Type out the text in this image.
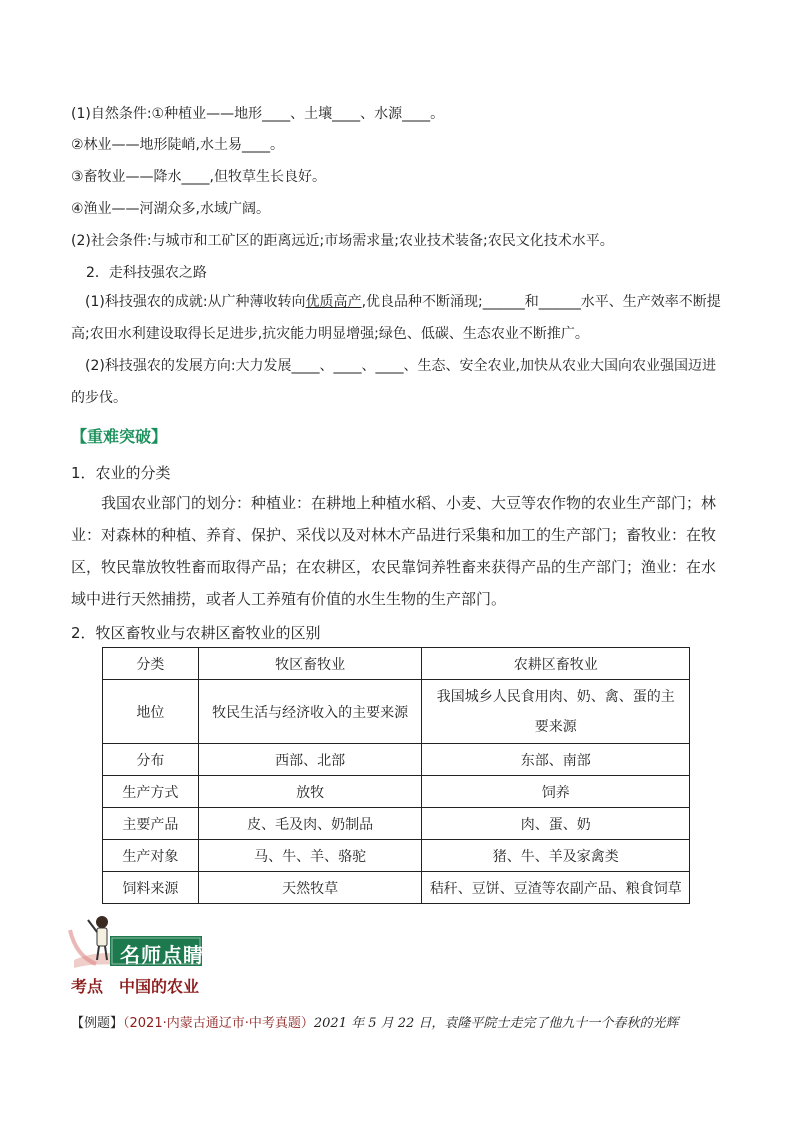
(1)自然条件:①种植业——地形____、土壤____、水源____。
②林业——地形陡峭,水土易____。
③畜牧业——降水____,但牧草生长良好。
④渔业——河湖众多,水域广阔。
(2)社会条件:与城市和工矿区的距离远近;市场需求量;农业技术装备;农民文化技术水平。
2．走科技强农之路
(1)科技强农的成就:从广种薄收转向优质高产,优良品种不断涌现;______和______水平、生产效率不断提高;农田水利建设取得长足进步,抗灾能力明显增强;绿色、低碳、生态农业不断推广。
(2)科技强农的发展方向:大力发展____、____、____、生态、安全农业,加快从农业大国向农业强国迈进的步伐。
【重难突破】
1．农业的分类
我国农业部门的划分：种植业：在耕地上种植水稻、小麦、大豆等农作物的农业生产部门；林业：对森林的种植、养育、保护、采伐以及对林木产品进行采集和加工的生产部门；畜牧业：在牧区，牧民靠放牧牲畜而取得产品；在农耕区，农民靠饲养牲畜来获得产品的生产部门；渔业：在水域中进行天然捕捞，或者人工养殖有价值的水生生物的生产部门。
2．牧区畜牧业与农耕区畜牧业的区别
分类	牧区畜牧业	农耕区畜牧业
地位	牧民生活与经济收入的主要来源	我国城乡人民食用肉、奶、禽、蛋的主要来源
分布	西部、北部	东部、南部
生产方式	放牧	饲养
主要产品	皮、毛及肉、奶制品	肉、蛋、奶
生产对象	马、牛、羊、骆驼	猪、牛、羊及家禽类
饲料来源	天然牧草	秸秆、豆饼、豆渣等农副产品、粮食饲草
名师点睛
考点　中国的农业
【例题】（2021·内蒙古通辽市·中考真题）2021 年 5 月 22 日，袁隆平院士走完了他九十一个春秋的光辉
